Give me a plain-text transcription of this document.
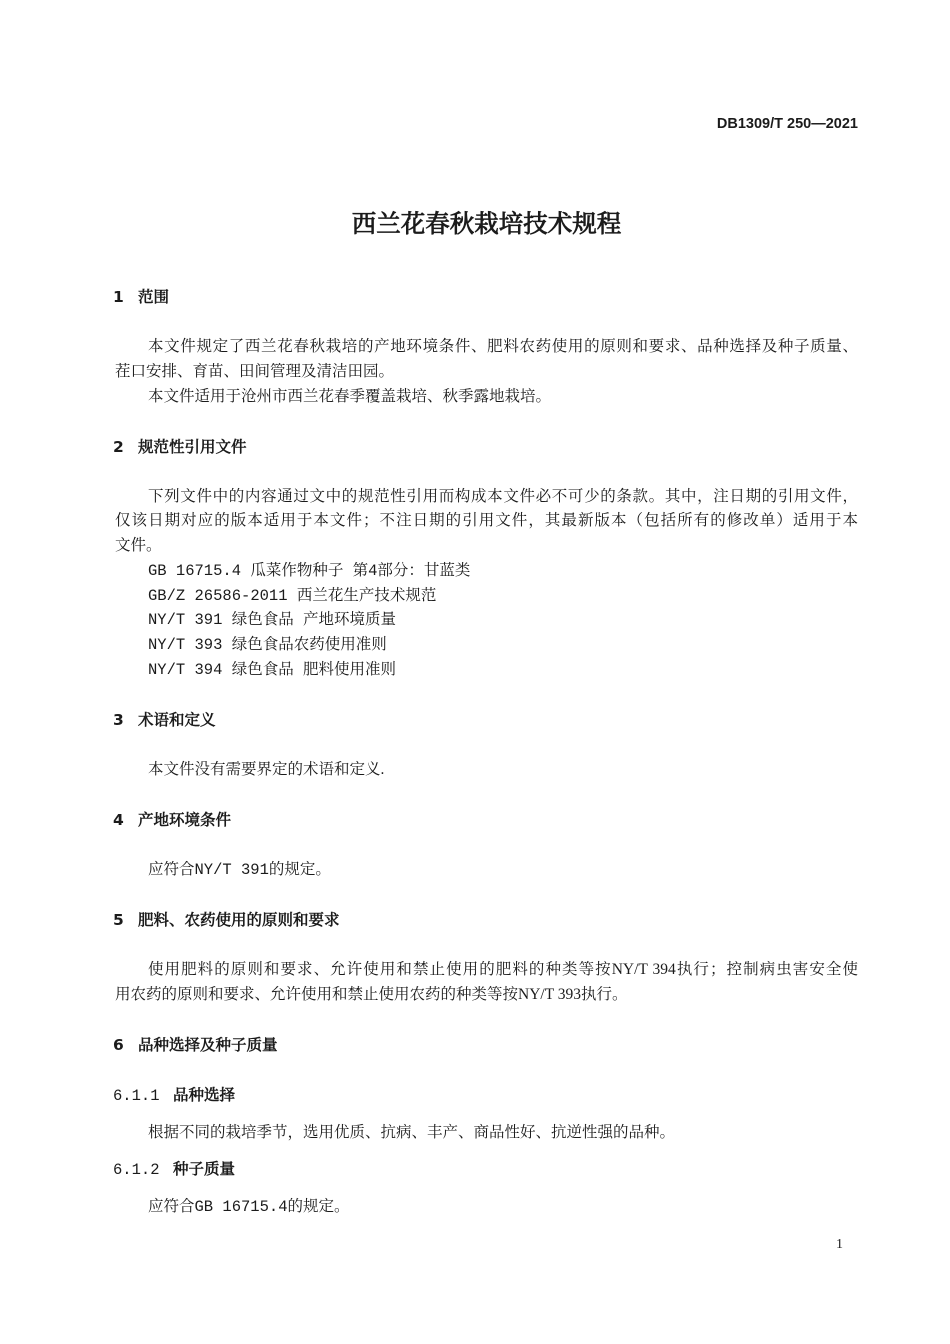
DB1309/T 250—2021
西兰花春秋栽培技术规程
1 范围
本文件规定了西兰花春秋栽培的产地环境条件、肥料农药使用的原则和要求、品种选择及种子质量、
茬口安排、育苗、田间管理及清洁田园。
本文件适用于沧州市西兰花春季覆盖栽培、秋季露地栽培。
2 规范性引用文件
下列文件中的内容通过文中的规范性引用而构成本文件必不可少的条款。其中，注日期的引用文件，
仅该日期对应的版本适用于本文件；不注日期的引用文件，其最新版本（包括所有的修改单）适用于本
文件。
GB 16715.4 瓜菜作物种子 第4部分：甘蓝类
GB/Z 26586-2011 西兰花生产技术规范
NY/T 391 绿色食品 产地环境质量
NY/T 393 绿色食品农药使用准则
NY/T 394 绿色食品 肥料使用准则
3 术语和定义
本文件没有需要界定的术语和定义.
4 产地环境条件
应符合NY/T 391的规定。
5 肥料、农药使用的原则和要求
使用肥料的原则和要求、允许使用和禁止使用的肥料的种类等按NY/T 394执行；控制病虫害安全使
用农药的原则和要求、允许使用和禁止使用农药的种类等按NY/T 393执行。
6 品种选择及种子质量
6.1.1 品种选择
根据不同的栽培季节，选用优质、抗病、丰产、商品性好、抗逆性强的品种。
6.1.2 种子质量
应符合GB 16715.4的规定。
1
